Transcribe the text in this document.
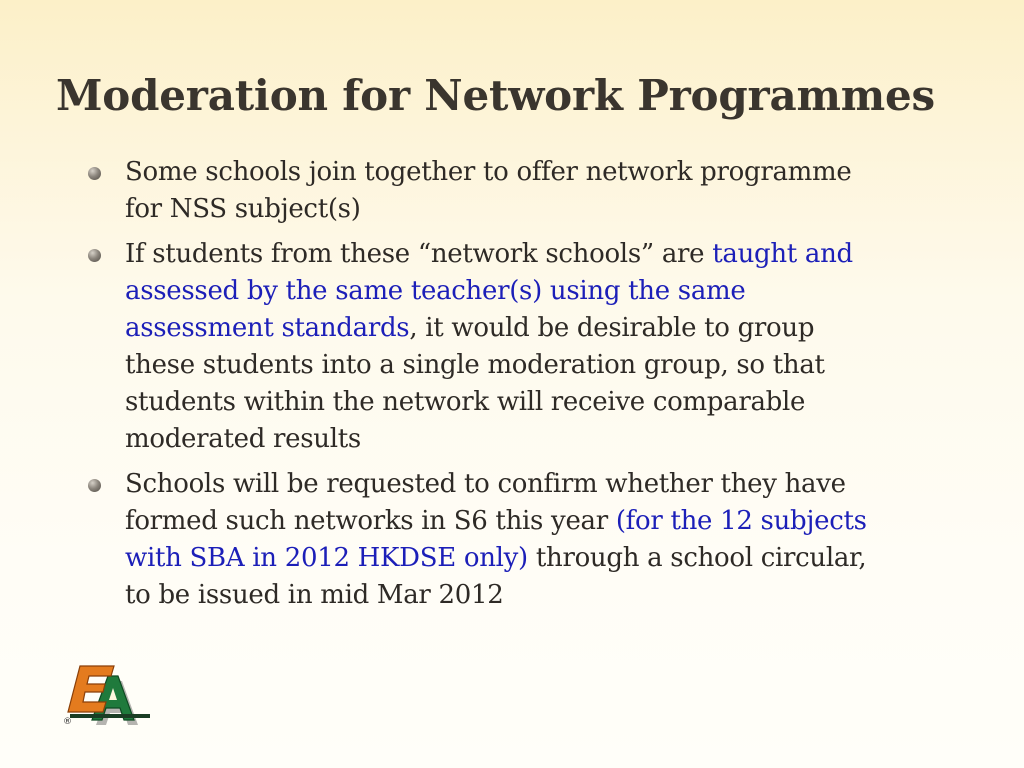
Moderation for Network Programmes
Some schools join together to offer network programme for NSS subject(s)
If students from these “network schools” are taught and assessed by the same teacher(s) using the same assessment standards, it would be desirable to group these students into a single moderation group, so that students within the network will receive comparable moderated results
Schools will be requested to confirm whether they have formed such networks in S6 this year (for the 12 subjects with SBA in 2012 HKDSE only) through a school circular, to be issued in mid Mar 2012
®
